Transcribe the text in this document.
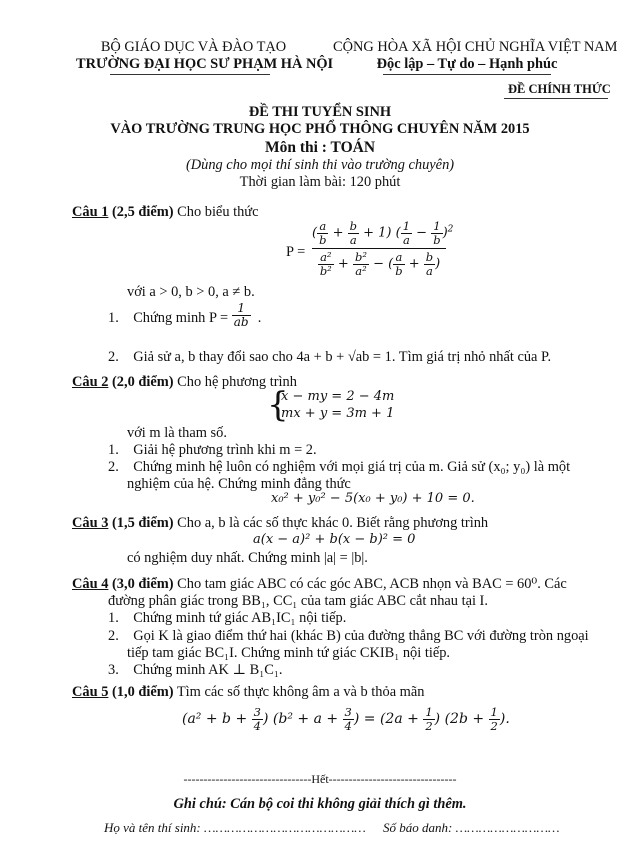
BỘ GIÁO DỤC VÀ ĐÀO TẠO
TRƯỜNG ĐẠI HỌC SƯ PHẠM HÀ NỘI
CỘNG HÒA XÃ HỘI CHỦ NGHĨA VIỆT NAM
Độc lập – Tự do – Hạnh phúc
ĐỀ CHÍNH THỨC
ĐỀ THI TUYỂN SINH
VÀO TRƯỜNG TRUNG HỌC PHỔ THÔNG CHUYÊN NĂM 2015
Môn thi : TOÁN
(Dùng cho mọi thí sinh thi vào trường chuyên)
Thời gian làm bài: 120 phút
Câu 1 (2,5 điểm) Cho biểu thức
$P = \frac{( \frac{a}{b} + \frac{b}{a} + 1) ( \frac{1}{a} - \frac{1}{b} )^2}{\frac{\text{a²}}{\text{b²}} + \frac{\text{b²}}{\text{a²}} - ( \frac{a}{b} + \frac{b}{a} )}$
với a > 0, b > 0, a ≠ b.
1. Chứng minh $P = \frac{1}{ab}$ .
2. Giả sử a, b thay đổi sao cho 4a + b + √ab = 1. Tìm giá trị nhỏ nhất của P.
Câu 2 (2,0 điểm) Cho hệ phương trình
{
x − my = 2 − 4m
mx + y = 3m + 1
với m là tham số.
1. Giải hệ phương trình khi m = 2.
2. Chứng minh hệ luôn có nghiệm với mọi giá trị của m. Giả sử (x₀; y₀) là một
nghiệm của hệ. Chứng minh đẳng thức
x₀² + y₀² − 5(x₀ + y₀) + 10 = 0.
Câu 3 (1,5 điểm) Cho a, b là các số thực khác 0. Biết rằng phương trình
a(x − a)² + b(x − b)² = 0
có nghiệm duy nhất. Chứng minh |a| = |b|.
Câu 4 (3,0 điểm) Cho tam giác ABC có các góc ABC, ACB nhọn và BAC = 60⁰. Các
đường phân giác trong BB₁, CC₁ của tam giác ABC cắt nhau tại I.
1. Chứng minh tứ giác AB₁IC₁ nội tiếp.
2. Gọi K là giao điểm thứ hai (khác B) của đường thẳng BC với đường tròn ngoại
tiếp tam giác BC₁I. Chứng minh tứ giác CKIB₁ nội tiếp.
3. Chứng minh AK ⊥ B₁C₁.
Câu 5 (1,0 điểm) Tìm các số thực không âm a và b thỏa mãn
($a^2 + b + \frac{3}{4}$ ) ($b^2 + a + \frac{3}{4}$ ) = ($2a + \frac{1}{2}$ ) ($2b + \frac{1}{2}$ ).
--------------------------------Hết--------------------------------
Ghi chú: Cán bộ coi thi không giải thích gì thêm.
Họ và tên thí sinh: …………………………………… Số báo danh: ………………………
